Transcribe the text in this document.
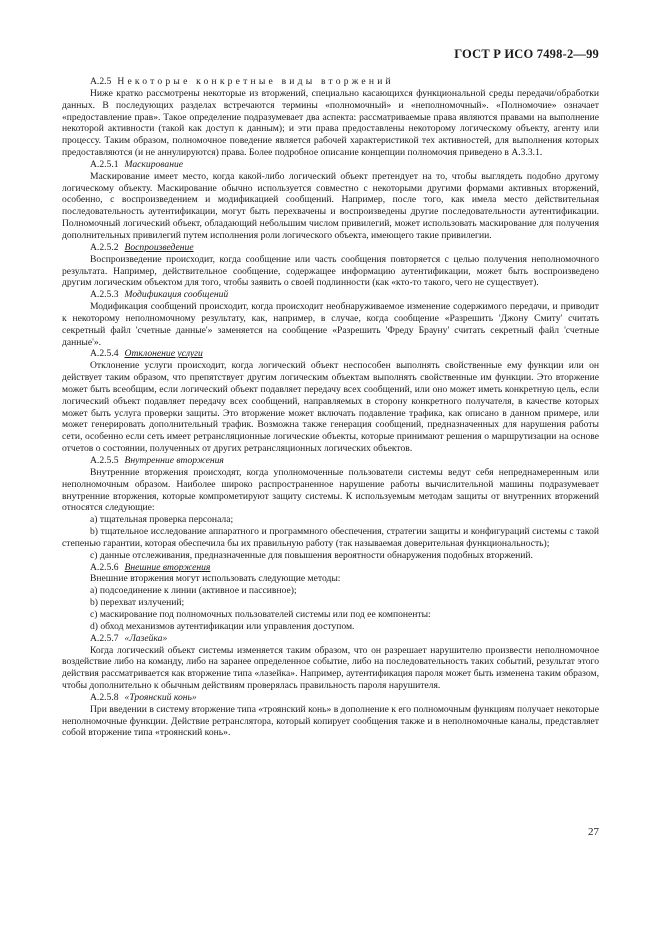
ГОСТ Р ИСО 7498-2—99
А.2.5 Некоторые конкретные виды вторжений

Ниже кратко рассмотрены некоторые из вторжений, специально касающихся функциональной среды передачи/обработки данных. В последующих разделах встречаются термины «полномочный» и «неполномочный». «Полномочие» означает «предоставление прав». Такое определение подразумевает два аспекта: рассматриваемые права являются правами на выполнение некоторой активности (такой как доступ к данным); и эти права предоставлены некоторому логическому объекту, агенту или процессу. Таким образом, полномочное поведение является рабочей характеристикой тех активностей, для выполнения которых предоставляются (и не аннулируются) права. Более подробное описание концепции полномочия приведено в А.3.3.1.

А.2.5.1 Маскирование

Маскирование имеет место, когда какой-либо логический объект претендует на то, чтобы выглядеть подобно другому логическому объекту. Маскирование обычно используется совместно с некоторыми другими формами активных вторжений, особенно, с воспроизведением и модификацией сообщений. Например, после того, как имела место действительная последовательность аутентификации, могут быть перехвачены и воспроизведены другие последовательности аутентификации. Полномочный логический объект, обладающий небольшим числом привилегий, может использовать маскирование для получения дополнительных привилегий путем исполнения роли логического объекта, имеющего такие привилегии.

А.2.5.2 Воспроизведение

Воспроизведение происходит, когда сообщение или часть сообщения повторяется с целью получения неполномочного результата. Например, действительное сообщение, содержащее информацию аутентификации, может быть воспроизведено другим логическим объектом для того, чтобы заявить о своей подлинности (как «кто-то такого, чего не существует).

А.2.5.3 Модификация сообщений

Модификация сообщений происходит, когда происходит необнаруживаемое изменение содержимого передачи, и приводит к некоторому неполномочному результату, как, например, в случае, когда сообщение «Разрешить 'Джону Смиту' считать секретный файл 'счетные данные'» заменяется на сообщение «Разрешить 'Фреду Брауну' считать секретный файл 'счетные данные'».

А.2.5.4 Отклонение услуги

Отклонение услуги происходит, когда логический объект неспособен выполнять свойственные ему функции или он действует таким образом, что препятствует другим логическим объектам выполнять свойственные им функции. Это вторжение может быть всеобщим, если логический объект подавляет передачу всех сообщений, или оно может иметь конкретную цель, если логический объект подавляет передачу всех сообщений, направляемых в сторону конкретного получателя, в качестве которых может быть услуга проверки защиты. Это вторжение может включать подавление трафика, как описано в данном примере, или может генерировать дополнительный трафик. Возможна также генерация сообщений, предназначенных для нарушения работы сети, особенно если сеть имеет ретрансляционные логические объекты, которые принимают решения о маршрутизации на основе отчетов о состоянии, полученных от других ретрансляционных логических объектов.

А.2.5.5 Внутренние вторжения

Внутренние вторжения происходят, когда уполномоченные пользователи системы ведут себя непреднамеренным или неполномочным образом. Наиболее широко распространенное нарушение работы вычислительной машины подразумевает внутренние вторжения, которые компрометируют защиту системы. К используемым методам защиты от внутренних вторжений относятся следующие:

а) тщательная проверка персонала;
b) тщательное исследование аппаратного и программного обеспечения, стратегии защиты и конфигураций системы с такой степенью гарантии, которая обеспечила бы их правильную работу (так называемая доверительная функциональность);
с) данные отслеживания, предназначенные для повышения вероятности обнаружения подобных вторжений.
А.2.5.6 Внешние вторжения

Внешние вторжения могут использовать следующие методы:

а) подсоединение к линии (активное и пассивное);
b) перехват излучений;
с) маскирование под полномочных пользователей системы или под ее компоненты:
d) обход механизмов аутентификации или управления доступом.
А.2.5.7 «Лазейка»

Когда логический объект системы изменяется таким образом, что он разрешает нарушителю произвести неполномочное воздействие либо на команду, либо на заранее определенное событие, либо на последовательность таких событий, результат этого действия рассматривается как вторжение типа «лазейка». Например, аутентификация пароля может быть изменена таким образом, чтобы дополнительно к обычным действиям проверялась правильность пароля нарушителя.

А.2.5.8 «Троянский конь»

При введении в систему вторжение типа «троянский конь» в дополнение к его полномочным функциям получает некоторые неполномочные функции. Действие ретранслятора, который копирует сообщения также и в неполномочные каналы, представляет собой вторжение типа «троянский конь».

27
